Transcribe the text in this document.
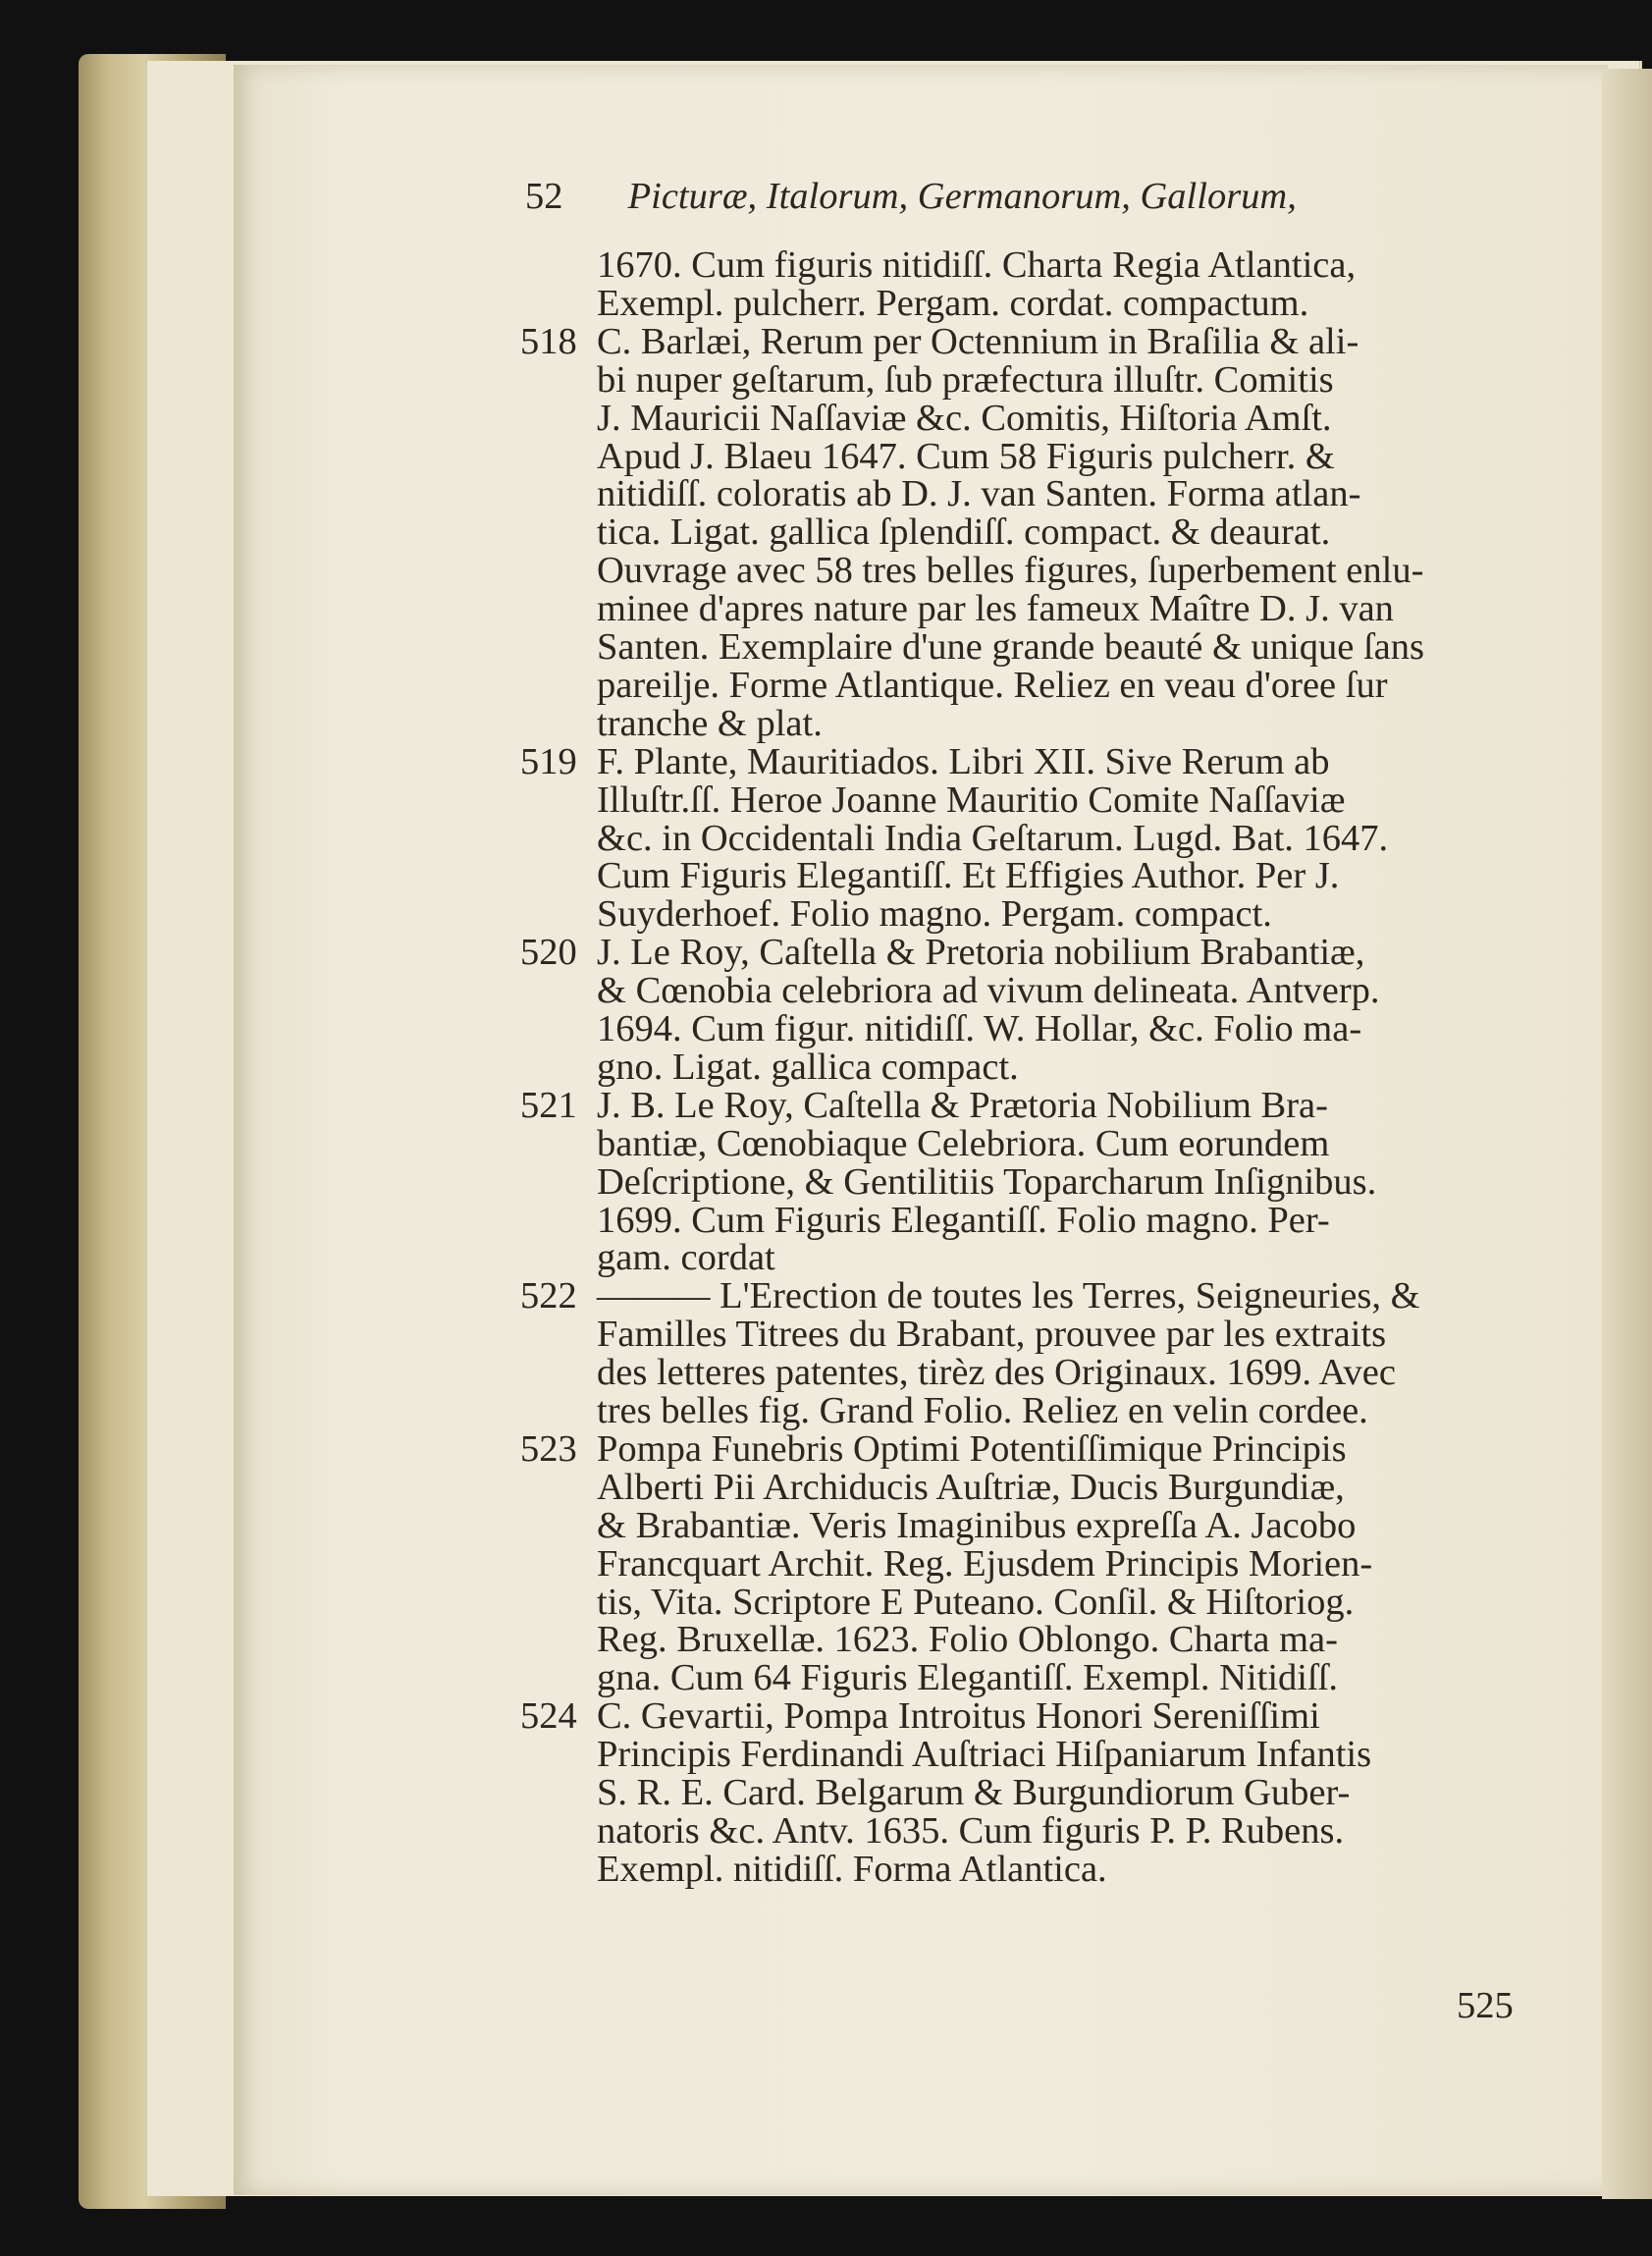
52 Picturæ, Italorum, Germanorum, Gallorum,
1670. Cum figuris nitidiſſ. Charta Regia Atlantica,
Exempl. pulcherr. Pergam. cordat. compactum.
518 C. Barlæi, Rerum per Octennium in Braſilia & ali-
bi nuper geſtarum, ſub præfectura illuſtr. Comitis
J. Mauricii Naſſaviæ &c. Comitis, Hiſtoria Amſt.
Apud J. Blaeu 1647. Cum 58 Figuris pulcherr. &
nitidiſſ. coloratis ab D. J. van Santen. Forma atlan-
tica. Ligat. gallica ſplendiſſ. compact. & deaurat.
Ouvrage avec 58 tres belles figures, ſuperbement enlu-
minee d'apres nature par les fameux Maître D. J. van
Santen. Exemplaire d'une grande beauté & unique ſans
pareilje. Forme Atlantique. Reliez en veau d'oree ſur
tranche & plat.
519 F. Plante, Mauritiados. Libri XII. Sive Rerum ab
Illuſtr.ſſ. Heroe Joanne Mauritio Comite Naſſaviæ
&c. in Occidentali India Geſtarum. Lugd. Bat. 1647.
Cum Figuris Elegantiſſ. Et Effigies Author. Per J.
Suyderhoef. Folio magno. Pergam. compact.
520 J. Le Roy, Caſtella & Pretoria nobilium Brabantiæ,
& Cœnobia celebriora ad vivum delineata. Antverp.
1694. Cum figur. nitidiſſ. W. Hollar, &c. Folio ma-
gno. Ligat. gallica compact.
521 J. B. Le Roy, Caſtella & Prætoria Nobilium Bra-
bantiæ, Cœnobiaque Celebriora. Cum eorundem
Deſcriptione, & Gentilitiis Toparcharum Inſignibus.
1699. Cum Figuris Elegantiſſ. Folio magno. Per-
gam. cordat
522 ——— L'Erection de toutes les Terres, Seigneuries, &
Familles Titrees du Brabant, prouvee par les extraits
des letteres patentes, tirèz des Originaux. 1699. Avec
tres belles fig. Grand Folio. Reliez en velin cordee.
523 Pompa Funebris Optimi Potentiſſimique Principis
Alberti Pii Archiducis Auſtriæ, Ducis Burgundiæ,
& Brabantiæ. Veris Imaginibus expreſſa A. Jacobo
Francquart Archit. Reg. Ejusdem Principis Morien-
tis, Vita. Scriptore E Puteano. Conſil. & Hiſtoriog.
Reg. Bruxellæ. 1623. Folio Oblongo. Charta ma-
gna. Cum 64 Figuris Elegantiſſ. Exempl. Nitidiſſ.
524 C. Gevartii, Pompa Introitus Honori Sereniſſimi
Principis Ferdinandi Auſtriaci Hiſpaniarum Infantis
S. R. E. Card. Belgarum & Burgundiorum Guber-
natoris &c. Antv. 1635. Cum figuris P. P. Rubens.
Exempl. nitidiſſ. Forma Atlantica.
525
